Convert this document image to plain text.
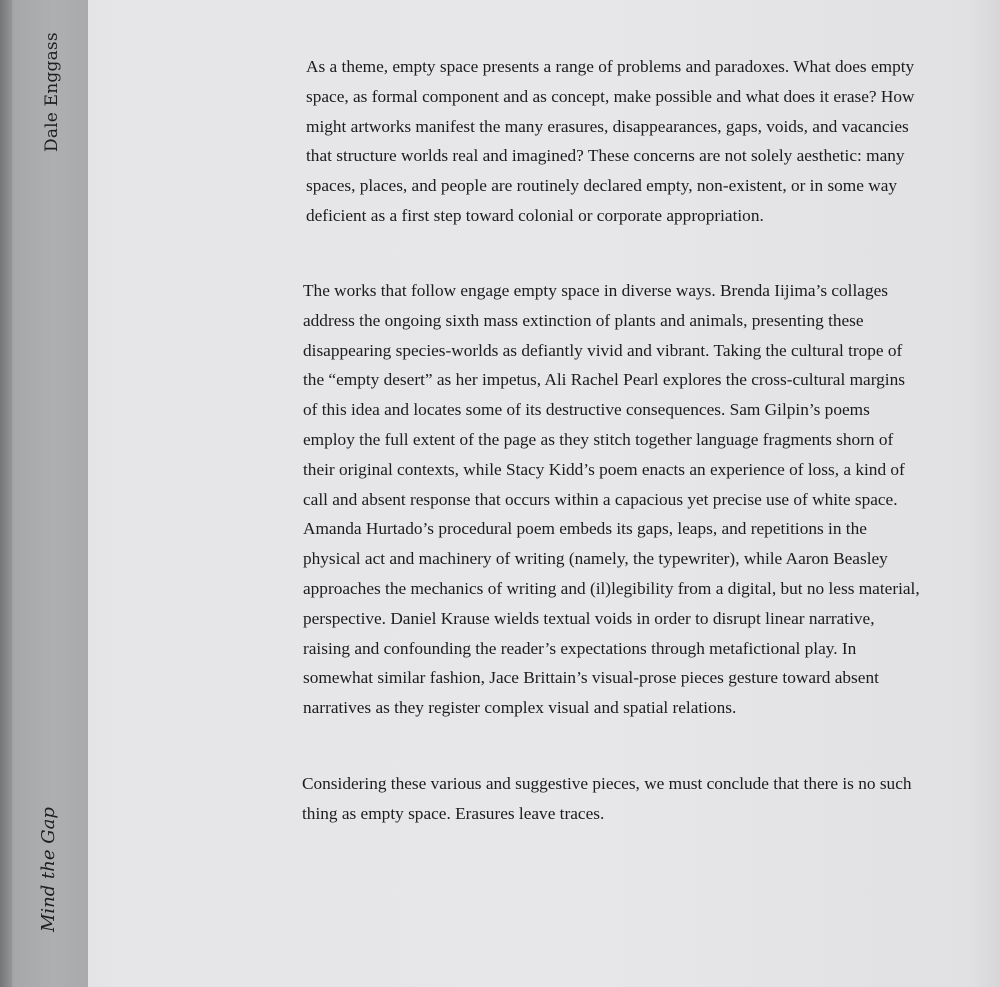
Dale Enggass
Mind the Gap

As a theme, empty space presents a range of problems and paradoxes. What does empty space, as formal component and as concept, make possible and what does it erase? How might artworks manifest the many erasures, disappearances, gaps, voids, and vacancies that structure worlds real and imagined? These concerns are not solely aesthetic: many spaces, places, and people are routinely declared empty, non-existent, or in some way deficient as a first step toward colonial or corporate appropriation.

The works that follow engage empty space in diverse ways. Brenda Iijima’s collages address the ongoing sixth mass extinction of plants and animals, presenting these disappearing species-worlds as defiantly vivid and vibrant. Taking the cultural trope of the “empty desert” as her impetus, Ali Rachel Pearl explores the cross-cultural margins of this idea and locates some of its destructive consequences. Sam Gilpin’s poems employ the full extent of the page as they stitch together language fragments shorn of their original contexts, while Stacy Kidd’s poem enacts an experience of loss, a kind of call and absent response that occurs within a capacious yet precise use of white space. Amanda Hurtado’s procedural poem embeds its gaps, leaps, and repetitions in the physical act and machinery of writing (namely, the typewriter), while Aaron Beasley approaches the mechanics of writing and (il)legibility from a digital, but no less material, perspective. Daniel Krause wields textual voids in order to disrupt linear narrative, raising and confounding the reader’s expectations through metafictional play. In somewhat similar fashion, Jace Brittain’s visual-prose pieces gesture toward absent narratives as they register complex visual and spatial relations.

Considering these various and suggestive pieces, we must conclude that there is no such thing as empty space. Erasures leave traces.
